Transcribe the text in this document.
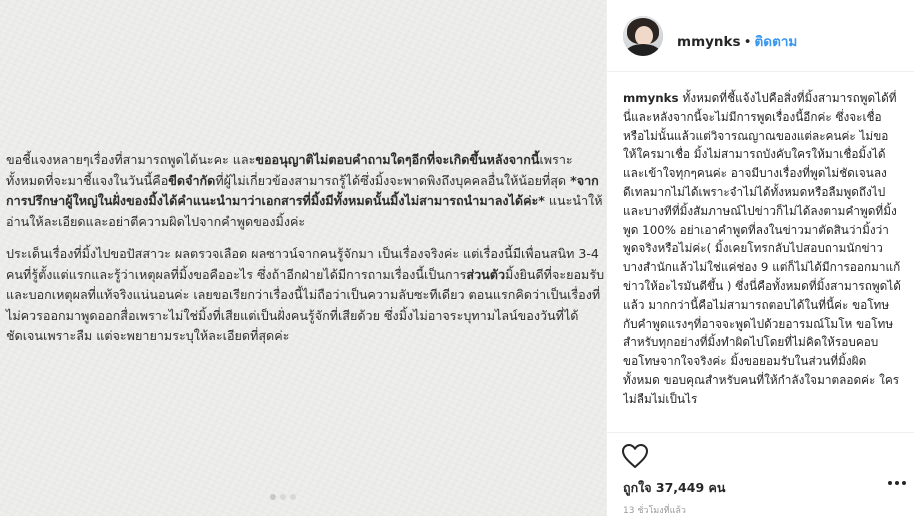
ขอชี้แจงหลายๆเรื่องที่สามารถพูดได้นะคะ และขออนุญาติไม่ตอบคำถามใดๆอีกที่จะเกิดขึ้นหลังจากนี้เพราะทั้งหมดที่จะมาชี้แจงในวันนี้คือขีดจำกัดที่ผู้ไม่เกี่ยวข้องสามารถรู้ได้ซึ่งมิ้งจะพาดพิงถึงบุคคลอื่นให้น้อยที่สุด *จากการปรึกษาผู้ใหญ่ในฝั่งของมิ้งได้คำแนะนำมาว่าเอกสารที่มิ้งมีทั้งหมดนั้นมิ้งไม่สามารถนำมาลงได้ค่ะ* แนะนำให้อ่านให้ละเอียดและอย่าตีความผิดไปจากคำพูดของมิ้งค่ะ

ประเด็นเรื่องที่มิ้งไปขอปัสสาวะ ผลตรวจเลือด ผลซาวน์จากคนรู้จักมา เป็นเรื่องจริงค่ะ แต่เรื่องนี้มีเพื่อนสนิท 3-4 คนที่รู้ตั้งแต่แรกและรู้ว่าเหตุผลที่มิ้งขอคืออะไร ซึ่งถ้าอีกฝ่ายได้มีการถามเรื่องนี้เป็นการส่วนตัวมิ้งยินดีที่จะยอมรับและบอกเหตุผลที่แท้จริงแน่นอนค่ะ เลยขอเรียกว่าเรื่องนี้ไม่ถือว่าเป็นความลับซะทีเดียว ตอนแรกคิดว่าเป็นเรื่องที่ไม่ควรออกมาพูดออกสื่อเพราะไม่ใช่มิ้งที่เสียแต่เป็นฝั่งคนรู้จักที่เสียด้วย ซึ่งมิ้งไม่อาจระบุทามไลน์ของวันที่ได้ชัดเจนเพราะลืม แต่จะพยายามระบุให้ละเอียดที่สุดค่ะ

mmynks • ติดตาม
mmynks ทั้งหมดที่ชี้แจ้งไปคือสิ่งที่มิ้งสามารถพูดได้ที่นี่และหลังจากนี้จะไม่มีการพูดเรื่องนี้อีกค่ะ ซึ่งจะเชื่อหรือไม่นั้นแล้วแต่วิจารณญาณของแต่ละคนค่ะ ไม่ขอให้ใครมาเชื่อ มิ้งไม่สามารถบังคับใครให้มาเชื่อมิ้งได้และเข้าใจทุกๆคนค่ะ อาจมีบางเรื่องที่พูดไม่ชัดเจนลงดีเทลมากไม่ได้เพราะจำไม่ได้ทั้งหมดหรือลืมพูดถึงไป และบางทีที่มิ้งสัมภาษณ์ไปข่าวก็ไม่ได้ลงตามคำพูดที่มิ้งพูด 100% อย่าเอาคำพูดที่ลงในข่าวมาตัดสินว่ามิ้งว่าพูดจริงหรือไม่ค่ะ( มิ้งเคยโทรกลับไปสอบถามนักข่าวบางสำนักแล้วไม่ใช่แค่ช่อง 9 แต่ก็ไม่ได้มีการออกมาแก้ข่าวให้อะไรมันดีขึ้น ) ซึ่งนี่คือทั้งหมดที่มิ้งสามารถพูดได้แล้ว มากกว่านี้คือไม่สามารถตอบได้ในที่นี้ค่ะ ขอโทษกับคำพูดแรงๆที่อาจจะพูดไปด้วยอารมณ์โมโห ขอโทษสำหรับทุกอย่างที่มิ้งทำผิดไปโดยที่ไม่คิดให้รอบคอบ ขอโทษจากใจจริงค่ะ มิ้งขอยอมรับในส่วนที่มิ้งผิดทั้งหมด ขอบคุณสำหรับคนที่ให้กำลังใจมาตลอดค่ะ ใครไม่ลืมไม่เป็นไร
ถูกใจ 37,449 คน
13 ชั่วโมงที่แล้ว
